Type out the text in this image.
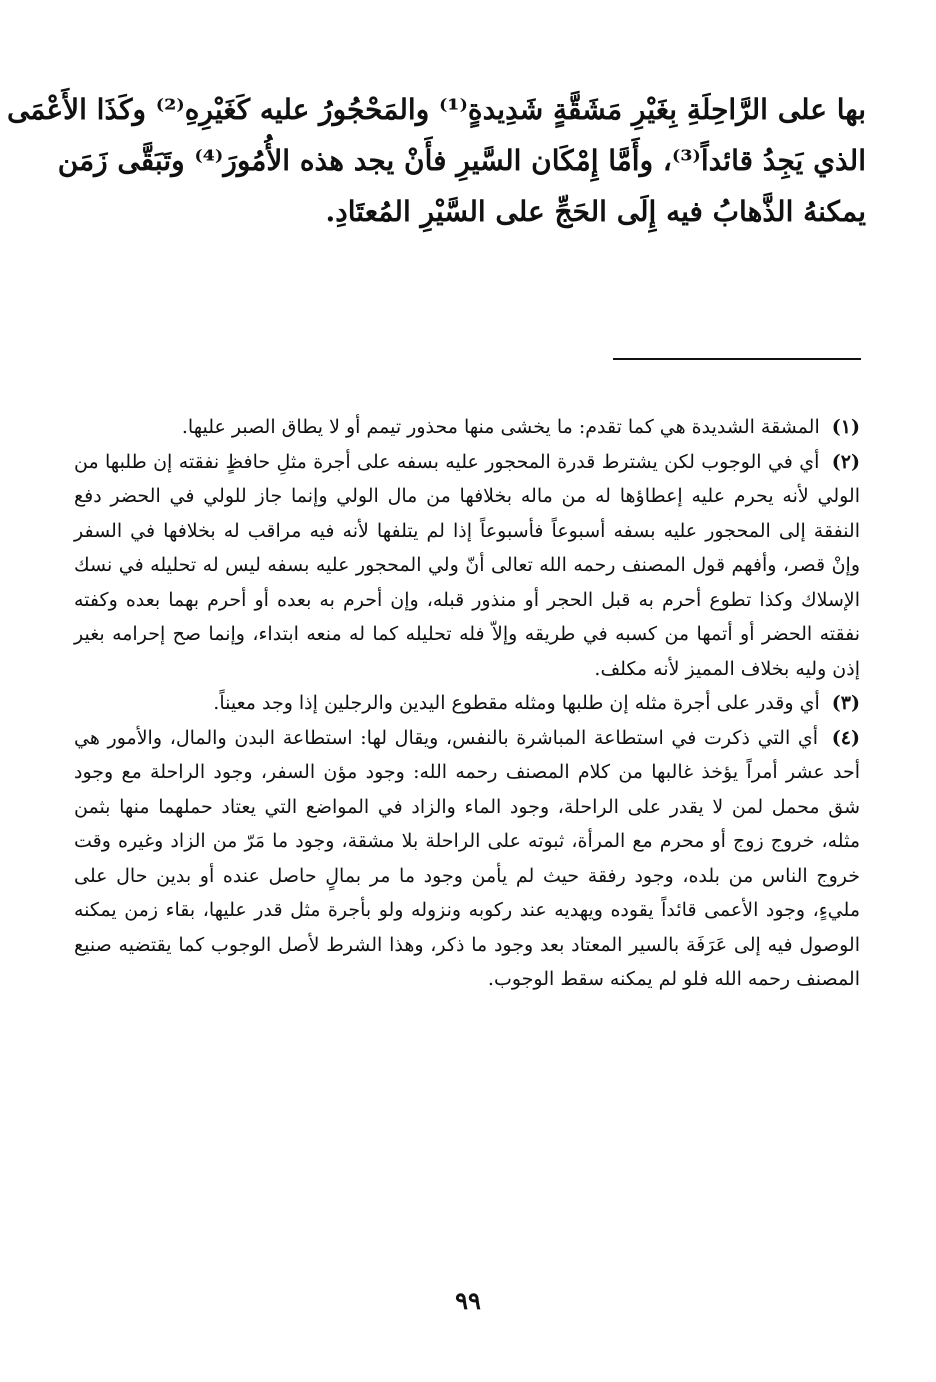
بها على الرَّاحِلَةِ بِغَيْرِ مَشَقَّةٍ شَدِيدةٍ⁽¹⁾ والمَحْجُورُ عليه كَغَيْرِهِ⁽²⁾ وكَذَا الأَعْمَى
الذي يَجِدُ قائداً⁽³⁾، وأَمَّا إِمْكَان السَّيرِ فأَنْ يجد هذه الأُمُورَ⁽⁴⁾ وتَبَقَّى زَمَن
يمكنهُ الذَّهابُ فيه إِلَى الحَجِّ على السَّيْرِ المُعتَادِ.

(١) المشقة الشديدة هي كما تقدم: ما يخشى منها محذور تيمم أو لا يطاق الصبر عليها.

(٢) أي في الوجوب لكن يشترط قدرة المحجور عليه بسفه على أجرة مثلِ حافظٍ نفقته إن طلبها من الولي لأنه يحرم عليه إعطاؤها له من ماله بخلافها من مال الولي وإنما جاز للولي في الحضر دفع النفقة إلى المحجور عليه بسفه أسبوعاً فأسبوعاً إذا لم يتلفها لأنه فيه مراقب له بخلافها في السفر وإنْ قصر، وأفهم قول المصنف رحمه الله تعالى أنّ ولي المحجور عليه بسفه ليس له تحليله في نسك الإسلاك وكذا تطوع أحرم به قبل الحجر أو منذور قبله، وإن أحرم به بعده أو أحرم بهما بعده وكفته نفقته الحضر أو أتمها من كسبه في طريقه وإلاّ فله تحليله كما له منعه ابتداء، وإنما صح إحرامه بغير إذن وليه بخلاف المميز لأنه مكلف.

(٣) أي وقدر على أجرة مثله إن طلبها ومثله مقطوع اليدين والرجلين إذا وجد معيناً.

(٤) أي التي ذكرت في استطاعة المباشرة بالنفس، ويقال لها: استطاعة البدن والمال، والأمور هي أحد عشر أمراً يؤخذ غالبها من كلام المصنف رحمه الله: وجود مؤن السفر، وجود الراحلة مع وجود شق محمل لمن لا يقدر على الراحلة، وجود الماء والزاد في المواضع التي يعتاد حملهما منها بثمن مثله، خروج زوج أو محرم مع المرأة، ثبوته على الراحلة بلا مشقة، وجود ما مَرّ من الزاد وغيره وقت خروج الناس من بلده، وجود رفقة حيث لم يأمن وجود ما مر بمالٍ حاصل عنده أو بدين حال على مليءٍ، وجود الأعمى قائداً يقوده ويهديه عند ركوبه ونزوله ولو بأجرة مثل قدر عليها، بقاء زمن يمكنه الوصول فيه إلى عَرَفَة بالسير المعتاد بعد وجود ما ذكر، وهذا الشرط لأصل الوجوب كما يقتضيه صنيع المصنف رحمه الله فلو لم يمكنه سقط الوجوب.

٩٩
